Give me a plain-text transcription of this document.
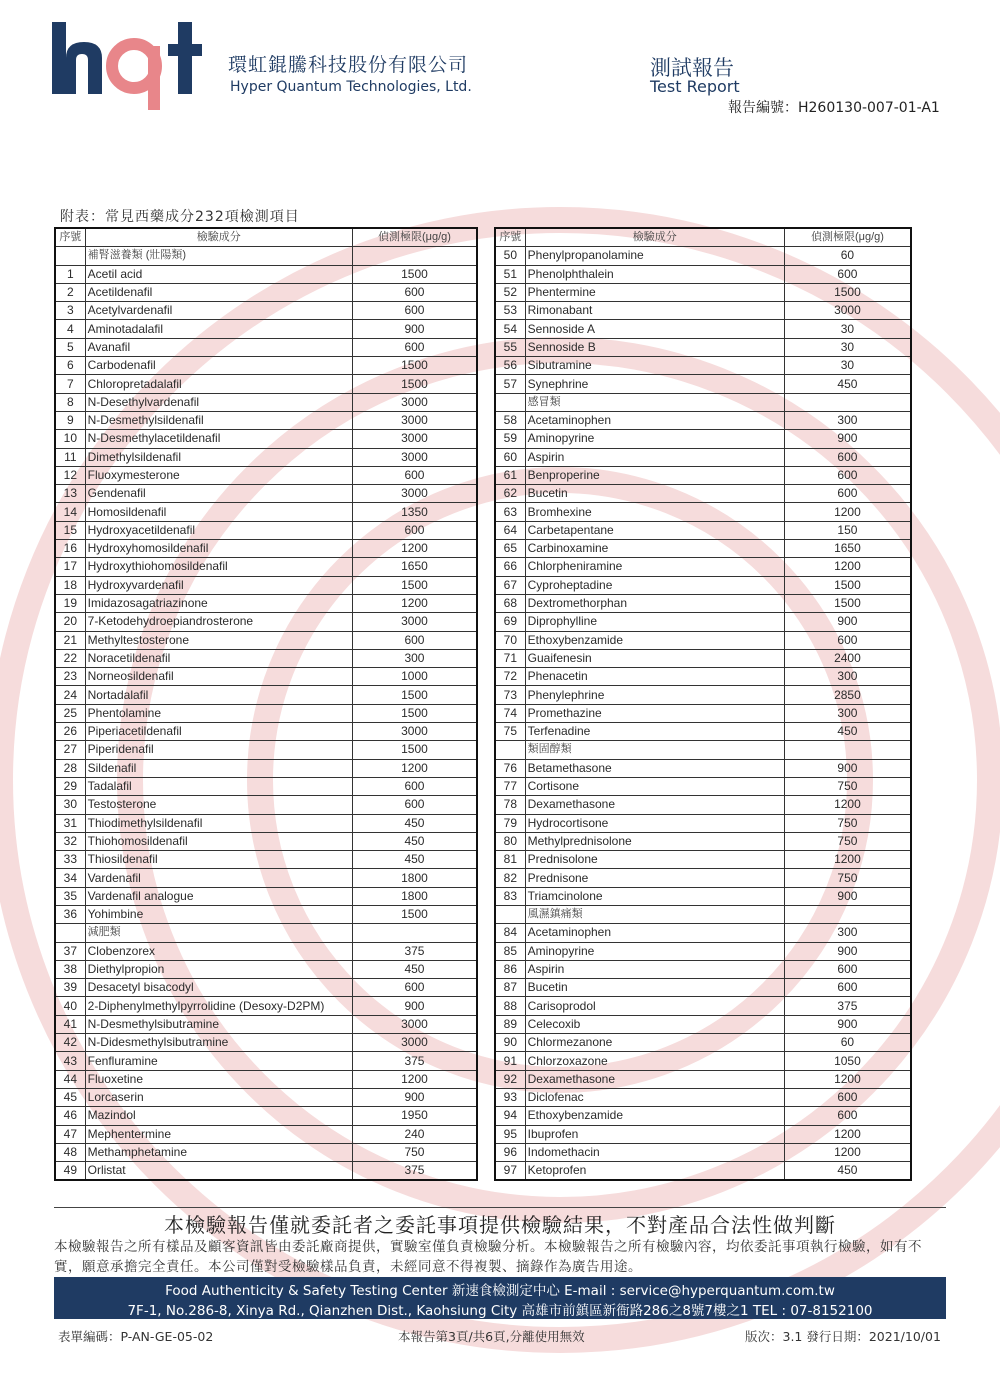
環虹錕騰科技股份有限公司
Hyper Quantum Technologies, Ltd.
測試報告
Test Report
報告編號：H260130-007-01-A1
附表：常見西藥成分232項檢測項目
序號	檢驗成分	偵測極限(μg/g)
	補腎滋養類 (壯陽類)	
1	Acetil acid	1500
2	Acetildenafil	600
3	Acetylvardenafil	600
4	Aminotadalafil	900
5	Avanafil	600
6	Carbodenafil	1500
7	Chloropretadalafil	1500
8	N-Desethylvardenafil	3000
9	N-Desmethylsildenafil	3000
10	N-Desmethylacetildenafil	3000
11	Dimethylsildenafil	3000
12	Fluoxymesterone	600
13	Gendenafil	3000
14	Homosildenafil	1350
15	Hydroxyacetildenafil	600
16	Hydroxyhomosildenafil	1200
17	Hydroxythiohomosildenafil	1650
18	Hydroxyvardenafil	1500
19	Imidazosagatriazinone	1200
20	7-Ketodehydroepiandrosterone	3000
21	Methyltestosterone	600
22	Noracetildenafil	300
23	Norneosildenafil	1000
24	Nortadalafil	1500
25	Phentolamine	1500
26	Piperiacetildenafil	3000
27	Piperidenafil	1500
28	Sildenafil	1200
29	Tadalafil	600
30	Testosterone	600
31	Thiodimethylsildenafil	450
32	Thiohomosildenafil	450
33	Thiosildenafil	450
34	Vardenafil	1800
35	Vardenafil analogue	1800
36	Yohimbine	1500
	減肥類	
37	Clobenzorex	375
38	Diethylpropion	450
39	Desacetyl bisacodyl	600
40	2-Diphenylmethylpyrrolidine (Desoxy-D2PM)	900
41	N-Desmethylsibutramine	3000
42	N-Didesmethylsibutramine	3000
43	Fenfluramine	375
44	Fluoxetine	1200
45	Lorcaserin	900
46	Mazindol	1950
47	Mephentermine	240
48	Methamphetamine	750
49	Orlistat	375
序號	檢驗成分	偵測極限(μg/g)
50	Phenylpropanolamine	60
51	Phenolphthalein	600
52	Phentermine	1500
53	Rimonabant	3000
54	Sennoside A	30
55	Sennoside B	30
56	Sibutramine	30
57	Synephrine	450
	感冒類	
58	Acetaminophen	300
59	Aminopyrine	900
60	Aspirin	600
61	Benproperine	600
62	Bucetin	600
63	Bromhexine	1200
64	Carbetapentane	150
65	Carbinoxamine	1650
66	Chlorpheniramine	1200
67	Cyproheptadine	1500
68	Dextromethorphan	1500
69	Diprophylline	900
70	Ethoxybenzamide	600
71	Guaifenesin	2400
72	Phenacetin	300
73	Phenylephrine	2850
74	Promethazine	300
75	Terfenadine	450
	類固醇類	
76	Betamethasone	900
77	Cortisone	750
78	Dexamethasone	1200
79	Hydrocortisone	750
80	Methylprednisolone	750
81	Prednisolone	1200
82	Prednisone	750
83	Triamcinolone	900
	風濕鎮痛類	
84	Acetaminophen	300
85	Aminopyrine	900
86	Aspirin	600
87	Bucetin	600
88	Carisoprodol	375
89	Celecoxib	900
90	Chlormezanone	60
91	Chlorzoxazone	1050
92	Dexamethasone	1200
93	Diclofenac	600
94	Ethoxybenzamide	600
95	Ibuprofen	1200
96	Indomethacin	1200
97	Ketoprofen	450
本檢驗報告僅就委託者之委託事項提供檢驗結果，不對產品合法性做判斷
本檢驗報告之所有樣品及顧客資訊皆由委託廠商提供，實驗室僅負責檢驗分析。本檢驗報告之所有檢驗內容，均依委託事項執行檢驗，如有不實，願意承擔完全責任。本公司僅對受檢驗樣品負責，未經同意不得複製、摘錄作為廣告用途。
Food Authenticity & Safety Testing Center 新速食檢測定中心 E-mail : service@hyperquantum.com.tw
7F-1, No.286-8, Xinya Rd., Qianzhen Dist., Kaohsiung City 高雄市前鎮區新衙路286之8號7樓之1 TEL : 07-8152100
表單編碼：P-AN-GE-05-02	本報告第3頁/共6頁,分離使用無效	版次：3.1 發行日期：2021/10/01
